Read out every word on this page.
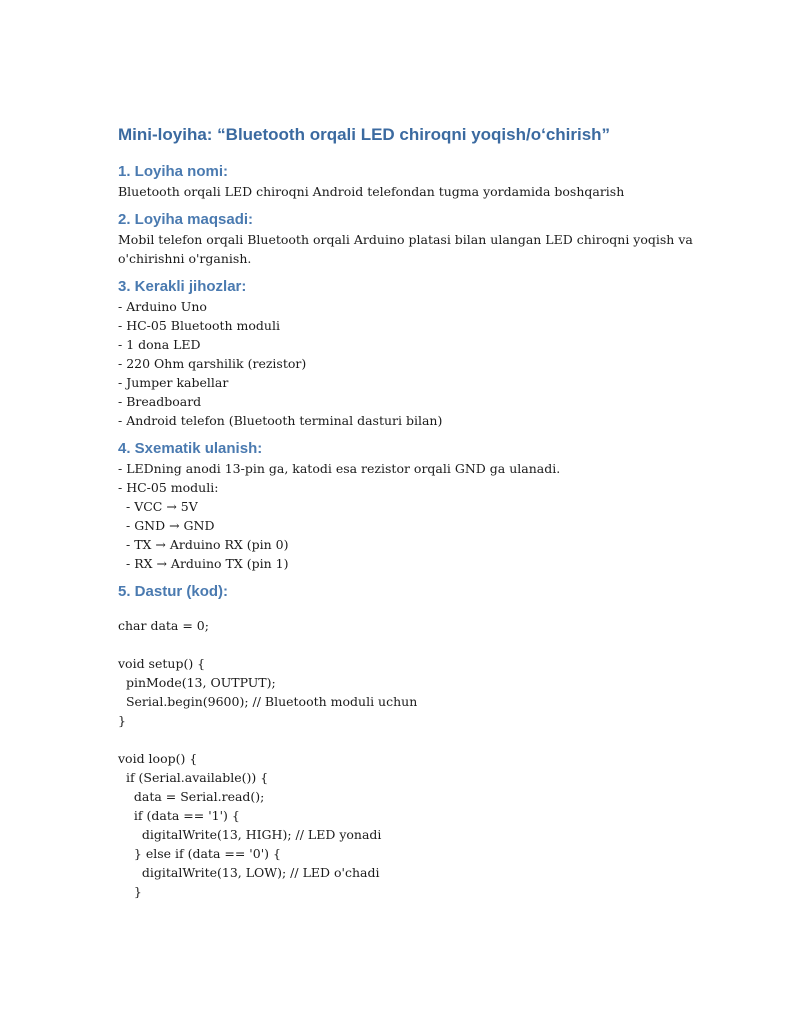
Mini-loyiha: “Bluetooth orqali LED chiroqni yoqish/o‘chirish”
1. Loyiha nomi:

Bluetooth orqali LED chiroqni Android telefondan tugma yordamida boshqarish

2. Loyiha maqsadi:

Mobil telefon orqali Bluetooth orqali Arduino platasi bilan ulangan LED chiroqni yoqish va

o'chirishni o'rganish.

3. Kerakli jihozlar:
- Arduino Uno
- HC-05 Bluetooth moduli
- 1 dona LED
- 220 Ohm qarshilik (rezistor)
- Jumper kabellar
- Breadboard
- Android telefon (Bluetooth terminal dasturi bilan)
4. Sxematik ulanish:
- LEDning anodi 13-pin ga, katodi esa rezistor orqali GND ga ulanadi.
- HC-05 moduli:
- VCC → 5V
- GND → GND
- TX → Arduino RX (pin 0)
- RX → Arduino TX (pin 1)
5. Dastur (kod):
char data = 0;
void setup() {
pinMode(13, OUTPUT);
Serial.begin(9600); // Bluetooth moduli uchun
}
void loop() {
if (Serial.available()) {
data = Serial.read();
if (data == '1') {
digitalWrite(13, HIGH); // LED yonadi
} else if (data == '0') {
digitalWrite(13, LOW); // LED o'chadi
}
